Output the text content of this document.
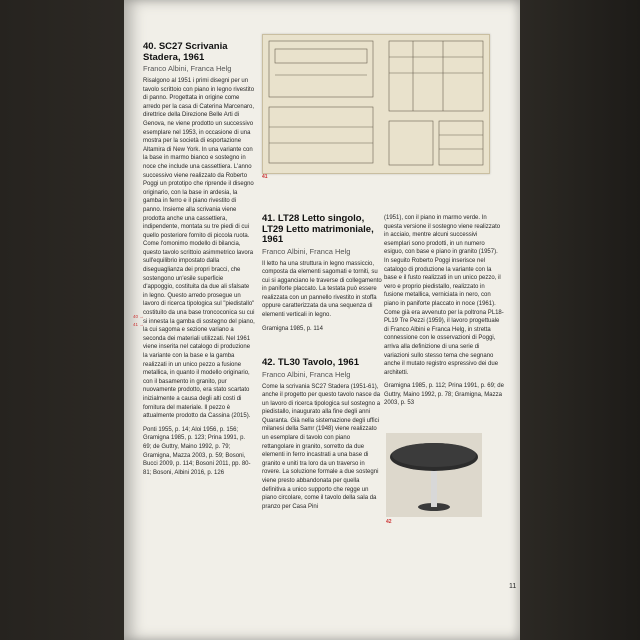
40 →
41 →
40. SC27 Scrivania Stadera, 1961
Franco Albini, Franca Helg

Risalgono al 1951 i primi disegni per un tavolo scrittoio con piano in legno rivestito di panno. Progettata in origine come arredo per la casa di Caterina Marcenaro, direttrice della Direzione Belle Arti di Genova, ne viene prodotto un successivo esemplare nel 1953, in occasione di una mostra per la società di esportazione Altamira di New York. In una variante con la base in marmo bianco e sostegno in noce che include una cassettiera. L'anno successivo viene realizzato da Roberto Poggi un prototipo che riprende il disegno originario, con la base in ardesia, la gamba in ferro e il piano rivestito di panno. Insieme alla scrivania viene prodotta anche una cassettiera, indipendente, montata su tre piedi di cui quello posteriore fornito di piccola ruota. Come l'omonimo modello di bilancia, questo tavolo scrittoio asimmetrico lavora sull'equilibrio impostato dalla diseguaglianza dei propri bracci, che sostengono un'esile superficie d'appoggio, costituita da due ali sfalsate in legno. Questo arredo prosegue un lavoro di ricerca tipologica sul "piedistallo" costituito da una base troncoconica su cui si innesta la gamba di sostegno del piano, la cui sagoma e sezione variano a seconda dei materiali utilizzati. Nel 1961 viene inserita nel catalogo di produzione la variante con la base e la gamba realizzati in un unico pezzo a fusione metallica, in quanto il modello originario, con il basamento in granito, pur nuovamente prodotto, era stato scartato inizialmente a causa degli alti costi di fornitura del materiale. Il pezzo è attualmente prodotto da Cassina (2015).

Ponti 1955, p. 14; Aloi 1956, p. 156; Gramigna 1985, p. 123; Prina 1991, p. 69; de Guttry, Maino 1992, p. 79; Gramigna, Mazza 2003, p. 59; Bosoni, Bucci 2009, p. 114; Bosoni 2011, pp. 80-81; Bosoni, Albini 2016, p. 126

41
41. LT28 Letto singolo, LT29 Letto matrimoniale, 1961
Franco Albini, Franca Helg

Il letto ha una struttura in legno massiccio, composta da elementi sagomati e torniti, su cui si agganciano le traverse di collegamento in paniforte placcato. La testata può essere realizzata con un pannello rivestito in stoffa oppure caratterizzata da una sequenza di elementi verticali in legno.

Gramigna 1985, p. 114

42. TL30 Tavolo, 1961
Franco Albini, Franca Helg

Come la scrivania SC27 Stadera (1951-61), anche il progetto per questo tavolo nasce da un lavoro di ricerca tipologica sul sostegno a piedistallo, inaugurato alla fine degli anni Quaranta. Già nella sistemazione degli uffici milanesi della Samr (1948) viene realizzato un esemplare di tavolo con piano rettangolare in granito, sorretto da due elementi in ferro incastrati a una base di granito e uniti tra loro da un traverso in rovere. La soluzione formale a due sostegni viene presto abbandonata per quella definitiva a unico supporto che regge un piano circolare, come il tavolo della sala da pranzo per Casa Pini

(1951), con il piano in marmo verde. In questa versione il sostegno viene realizzato in acciaio, mentre alcuni successivi esemplari sono prodotti, in un numero esiguo, con base e piano in granito (1957). In seguito Roberto Poggi inserisce nel catalogo di produzione la variante con la base e il fusto realizzati in un unico pezzo, il vero e proprio piedistallo, realizzato in fusione metallica, verniciata in nero, con piano in paniforte placcato in noce (1961). Come già era avvenuto per la poltrona PL18-PL19 Tre Pezzi (1959), il lavoro progettuale di Franco Albini e Franca Helg, in stretta connessione con le osservazioni di Poggi, arriva alla definizione di una serie di variazioni sullo stesso tema che segnano anche il mutato registro espressivo dei due architetti.

Gramigna 1985, p. 112; Prina 1991, p. 69; de Guttry, Maino 1992, p. 78; Gramigna, Mazza 2003, p. 53

42
11
